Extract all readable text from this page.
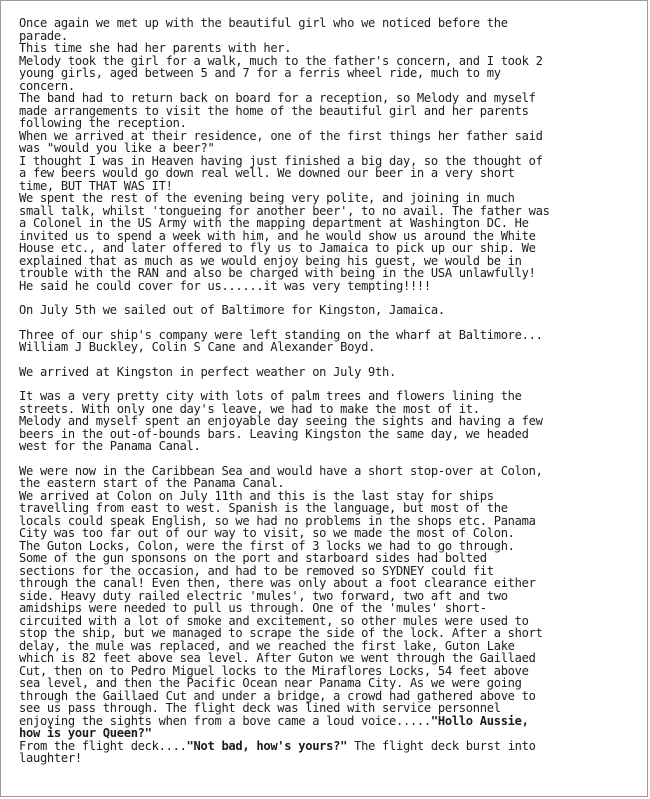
Once again we met up with the beautiful girl who we noticed before the
parade.
This time she had her parents with her.
Melody took the girl for a walk, much to the father's concern, and I took 2
young girls, aged between 5 and 7 for a ferris wheel ride, much to my
concern.
The band had to return back on board for a reception, so Melody and myself
made arrangements to visit the home of the beautiful girl and her parents
following the reception.
When we arrived at their residence, one of the first things her father said
was "would you like a beer?"
I thought I was in Heaven having just finished a big day, so the thought of
a few beers would go down real well. We downed our beer in a very short
time, BUT THAT WAS IT!
We spent the rest of the evening being very polite, and joining in much
small talk, whilst 'tongueing for another beer', to no avail. The father was
a Colonel in the US Army with the mapping department at Washington DC. He
invited us to spend a week with him, and he would show us around the White
House etc., and later offered to fly us to Jamaica to pick up our ship. We
explained that as much as we would enjoy being his guest, we would be in
trouble with the RAN and also be charged with being in the USA unlawfully!
He said he could cover for us......it was very tempting!!!!
On July 5th we sailed out of Baltimore for Kingston, Jamaica.
Three of our ship's company were left standing on the wharf at Baltimore...
William J Buckley, Colin S Cane and Alexander Boyd.
We arrived at Kingston in perfect weather on July 9th.
It was a very pretty city with lots of palm trees and flowers lining the
streets. With only one day's leave, we had to make the most of it.
Melody and myself spent an enjoyable day seeing the sights and having a few
beers in the out-of-bounds bars. Leaving Kingston the same day, we headed
west for the Panama Canal.
We were now in the Caribbean Sea and would have a short stop-over at Colon,
the eastern start of the Panama Canal.
We arrived at Colon on July 11th and this is the last stay for ships
travelling from east to west. Spanish is the language, but most of the
locals could speak English, so we had no problems in the shops etc. Panama
City was too far out of our way to visit, so we made the most of Colon.
The Guton Locks, Colon, were the first of 3 locks we had to go through.
Some of the gun sponsons on the port and starboard sides had bolted
sections for the occasion, and had to be removed so SYDNEY could fit
through the canal! Even then, there was only about a foot clearance either
side. Heavy duty railed electric 'mules', two forward, two aft and two
amidships were needed to pull us through. One of the 'mules' short-
circuited with a lot of smoke and excitement, so other mules were used to
stop the ship, but we managed to scrape the side of the lock. After a short
delay, the mule was replaced, and we reached the first lake, Guton Lake
which is 82 feet above sea level. After Guton we went through the Gaillaed
Cut, then on to Pedro Miguel locks to the Miraflores Locks, 54 feet above
sea level, and then the Pacific Ocean near Panama City. As we were going
through the Gaillaed Cut and under a bridge, a crowd had gathered above to
see us pass through. The flight deck was lined with service personnel
enjoying the sights when from a bove came a loud voice....."Hollo Aussie,
how is your Queen?"
From the flight deck...."Not bad, how's yours?" The flight deck burst into
laughter!
